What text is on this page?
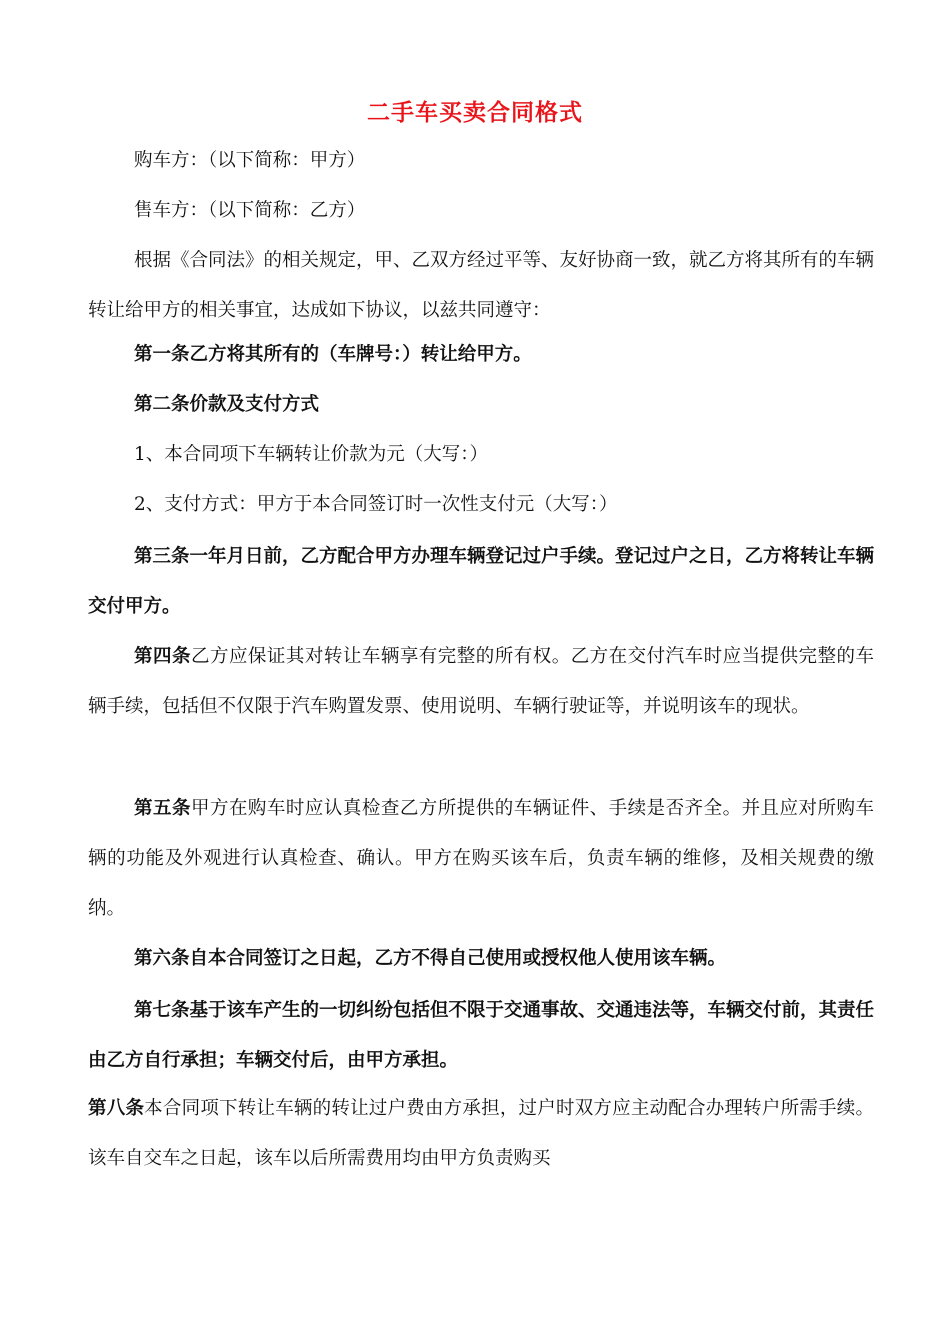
二手车买卖合同格式

购车方：（以下简称：甲方）

售车方：（以下简称：乙方）

根据《合同法》的相关规定，甲、乙双方经过平等、友好协商一致，就乙方将其所有的车辆转让给甲方的相关事宜，达成如下协议，以兹共同遵守：

第一条乙方将其所有的（车牌号：）转让给甲方。

第二条价款及支付方式

1、本合同项下车辆转让价款为元（大写：）

2、支付方式：甲方于本合同签订时一次性支付元（大写：）

第三条一年月日前，乙方配合甲方办理车辆登记过户手续。登记过户之日，乙方将转让车辆交付甲方。

第四条乙方应保证其对转让车辆享有完整的所有权。乙方在交付汽车时应当提供完整的车辆手续，包括但不仅限于汽车购置发票、使用说明、车辆行驶证等，并说明该车的现状。

第五条甲方在购车时应认真检查乙方所提供的车辆证件、手续是否齐全。并且应对所购车辆的功能及外观进行认真检查、确认。甲方在购买该车后，负责车辆的维修，及相关规费的缴纳。

第六条自本合同签订之日起，乙方不得自己使用或授权他人使用该车辆。

第七条基于该车产生的一切纠纷包括但不限于交通事故、交通违法等，车辆交付前，其责任由乙方自行承担；车辆交付后，由甲方承担。

第八条本合同项下转让车辆的转让过户费由方承担，过户时双方应主动配合办理转户所需手续。该车自交车之日起，该车以后所需费用均由甲方负责购买
